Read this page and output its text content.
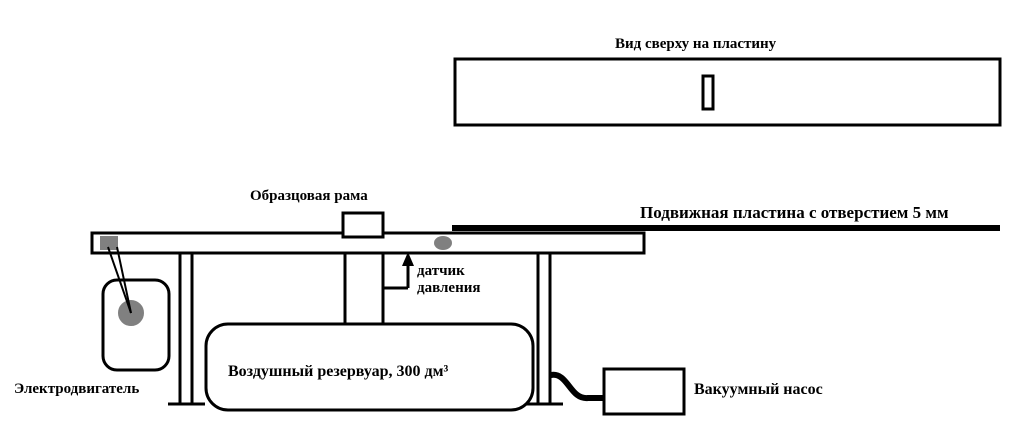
Вид сверху на пластину
Образцовая рама
Подвижная пластина с отверстием 5 мм
датчик
давления
Электродвигатель
Воздушный резервуар, 300 дм³
Вакуумный насос
